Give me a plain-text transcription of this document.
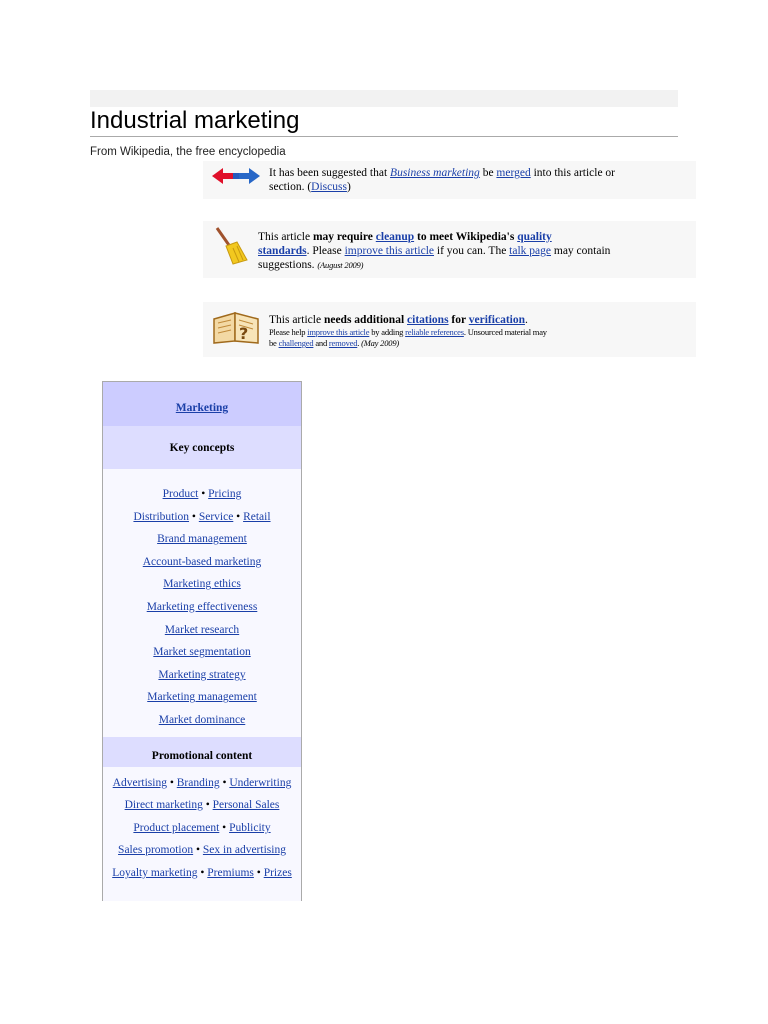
Industrial marketing
From Wikipedia, the free encyclopedia
It has been suggested that Business marketing be merged into this article or
section. (Discuss)
This article may require cleanup to meet Wikipedia's quality
standards. Please improve this article if you can. The talk page may contain
suggestions. (August 2009)
?
This article needs additional citations for verification.
Please help improve this article by adding reliable references. Unsourced material may
be challenged and removed. (May 2009)
Marketing
Key concepts
Product • Pricing
Distribution • Service • Retail
Brand management
Account-based marketing
Marketing ethics
Marketing effectiveness
Market research
Market segmentation
Marketing strategy
Marketing management
Market dominance
Promotional content
Advertising • Branding • Underwriting
Direct marketing • Personal Sales
Product placement • Publicity
Sales promotion • Sex in advertising
Loyalty marketing • Premiums • Prizes
